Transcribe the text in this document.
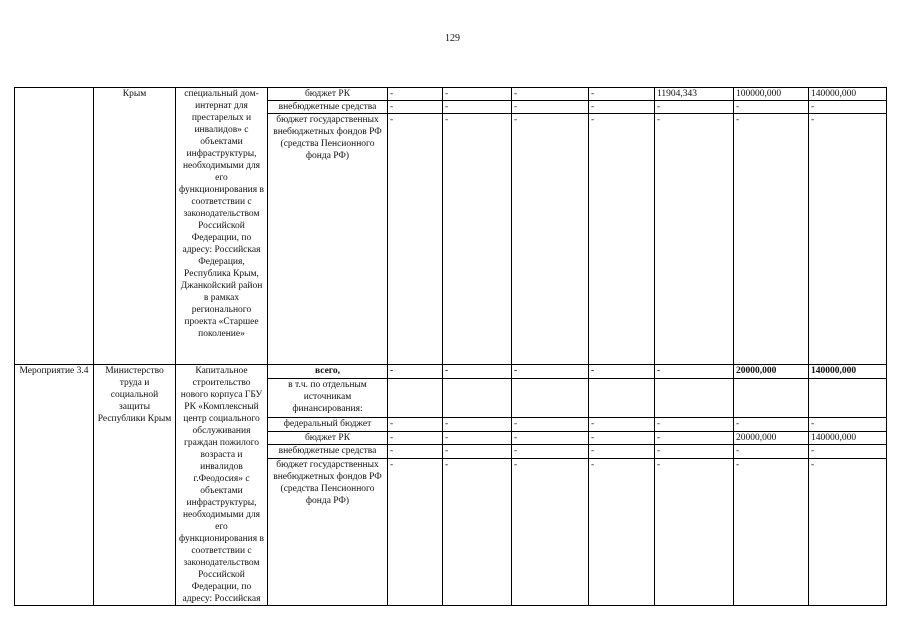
129
	Крым	специальный дом-интернат для престарелых и инвалидов» с объектами инфраструктуры, необходимыми для его функционирования в соответствии с законодательством Российской Федерации, по адресу: Российская Федерация, Республика Крым, Джанкойский район в рамках регионального проекта «Старшее поколение»	бюджет РК	-	-	-	-	11904,343	100000,000	140000,000
			внебюджетные средства	-	-	-	-	-	-	-
			бюджет государственных внебюджетных фондов РФ (средства Пенсионного фонда РФ)	-	-	-	-	-	-	-
Мероприятие 3.4	Министерство труда и социальной защиты Республики Крым	Капитальное строительство нового корпуса ГБУ РК «Комплексный центр социального обслуживания граждан пожилого возраста и инвалидов г.Феодосия» с объектами инфраструктуры, необходимыми для его функционирования в соответствии с законодательством Российской Федерации, по адресу: Российская	всего,	-	-	-	-	-	20000,000	140000,000
			в т.ч. по отдельным источникам финансирования:							
			федеральный бюджет	-	-	-	-	-	-	-
			бюджет РК	-	-	-	-	-	20000,000	140000,000
			внебюджетные средства	-	-	-	-	-	-	-
			бюджет государственных внебюджетных фондов РФ (средства Пенсионного фонда РФ)	-	-	-	-	-	-	-
